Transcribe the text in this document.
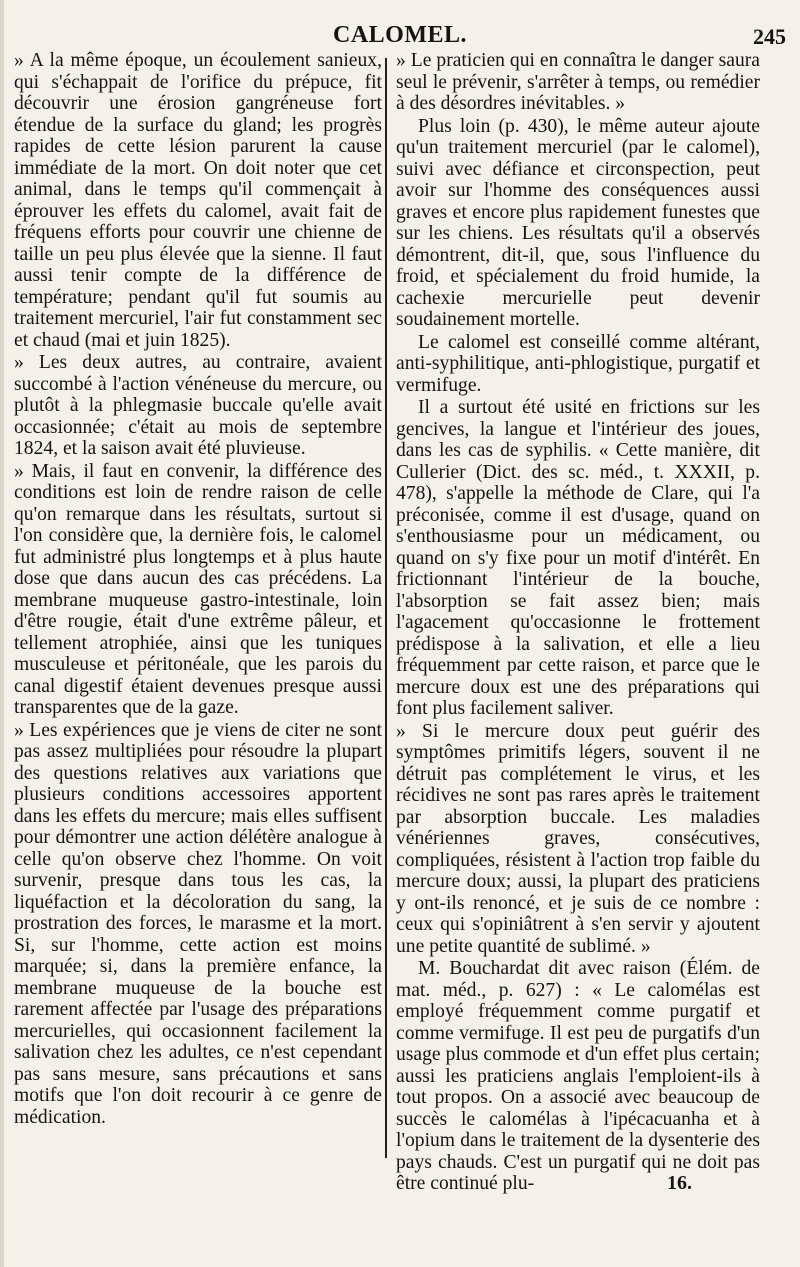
CALOMEL.	245

» A la même époque, un écoulement sanieux, qui s'échappait de l'orifice du prépuce, fit découvrir une érosion gangréneuse fort étendue de la surface du gland; les progrès rapides de cette lésion parurent la cause immédiate de la mort. On doit noter que cet animal, dans le temps qu'il commençait à éprouver les effets du calomel, avait fait de fréquens efforts pour couvrir une chienne de taille un peu plus élevée que la sienne. Il faut aussi tenir compte de la différence de température; pendant qu'il fut soumis au traitement mercuriel, l'air fut constamment sec et chaud (mai et juin 1825).

» Les deux autres, au contraire, avaient succombé à l'action vénéneuse du mercure, ou plutôt à la phlegmasie buccale qu'elle avait occasionnée; c'était au mois de septembre 1824, et la saison avait été pluvieuse.

» Mais, il faut en convenir, la différence des conditions est loin de rendre raison de celle qu'on remarque dans les résultats, surtout si l'on considère que, la dernière fois, le calomel fut administré plus longtemps et à plus haute dose que dans aucun des cas précédens. La membrane muqueuse gastro-intestinale, loin d'être rougie, était d'une extrême pâleur, et tellement atrophiée, ainsi que les tuniques musculeuse et péritonéale, que les parois du canal digestif étaient devenues presque aussi transparentes que de la gaze.

» Les expériences que je viens de citer ne sont pas assez multipliées pour résoudre la plupart des questions relatives aux variations que plusieurs conditions accessoires apportent dans les effets du mercure; mais elles suffisent pour démontrer une action délétère analogue à celle qu'on observe chez l'homme. On voit survenir, presque dans tous les cas, la liquéfaction et la décoloration du sang, la prostration des forces, le marasme et la mort. Si, sur l'homme, cette action est moins marquée; si, dans la première enfance, la membrane muqueuse de la bouche est rarement affectée par l'usage des préparations mercurielles, qui occasionnent facilement la salivation chez les adultes, ce n'est cependant pas sans mesure, sans précautions et sans motifs que l'on doit recourir à ce genre de médication.

» Le praticien qui en connaîtra le danger saura seul le prévenir, s'arrêter à temps, ou remédier à des désordres inévitables. »

Plus loin (p. 430), le même auteur ajoute qu'un traitement mercuriel (par le calomel), suivi avec défiance et circonspection, peut avoir sur l'homme des conséquences aussi graves et encore plus rapidement funestes que sur les chiens. Les résultats qu'il a observés démontrent, dit-il, que, sous l'influence du froid, et spécialement du froid humide, la cachexie mercurielle peut devenir soudainement mortelle.

Le calomel est conseillé comme altérant, anti-syphilitique, anti-phlogistique, purgatif et vermifuge.

Il a surtout été usité en frictions sur les gencives, la langue et l'intérieur des joues, dans les cas de syphilis. « Cette manière, dit Cullerier (Dict. des sc. méd., t. XXXII, p. 478), s'appelle la méthode de Clare, qui l'a préconisée, comme il est d'usage, quand on s'enthousiasme pour un médicament, ou quand on s'y fixe pour un motif d'intérêt. En frictionnant l'intérieur de la bouche, l'absorption se fait assez bien; mais l'agacement qu'occasionne le frottement prédispose à la salivation, et elle a lieu fréquemment par cette raison, et parce que le mercure doux est une des préparations qui font plus facilement saliver.

» Si le mercure doux peut guérir des symptômes primitifs légers, souvent il ne détruit pas complétement le virus, et les récidives ne sont pas rares après le traitement par absorption buccale. Les maladies vénériennes graves, consécutives, compliquées, résistent à l'action trop faible du mercure doux; aussi, la plupart des praticiens y ont-ils renoncé, et je suis de ce nombre : ceux qui s'opiniâtrent à s'en servir y ajoutent une petite quantité de sublimé. »

M. Bouchardat dit avec raison (Élém. de mat. méd., p. 627) : « Le calomélas est employé fréquemment comme purgatif et comme vermifuge. Il est peu de purgatifs d'un usage plus commode et d'un effet plus certain; aussi les praticiens anglais l'emploient-ils à tout propos. On a associé avec beaucoup de succès le calomélas à l'ipécacuanha et à l'opium dans le traitement de la dysenterie des pays chauds. C'est un purgatif qui ne doit pas être continué plu-	16.
